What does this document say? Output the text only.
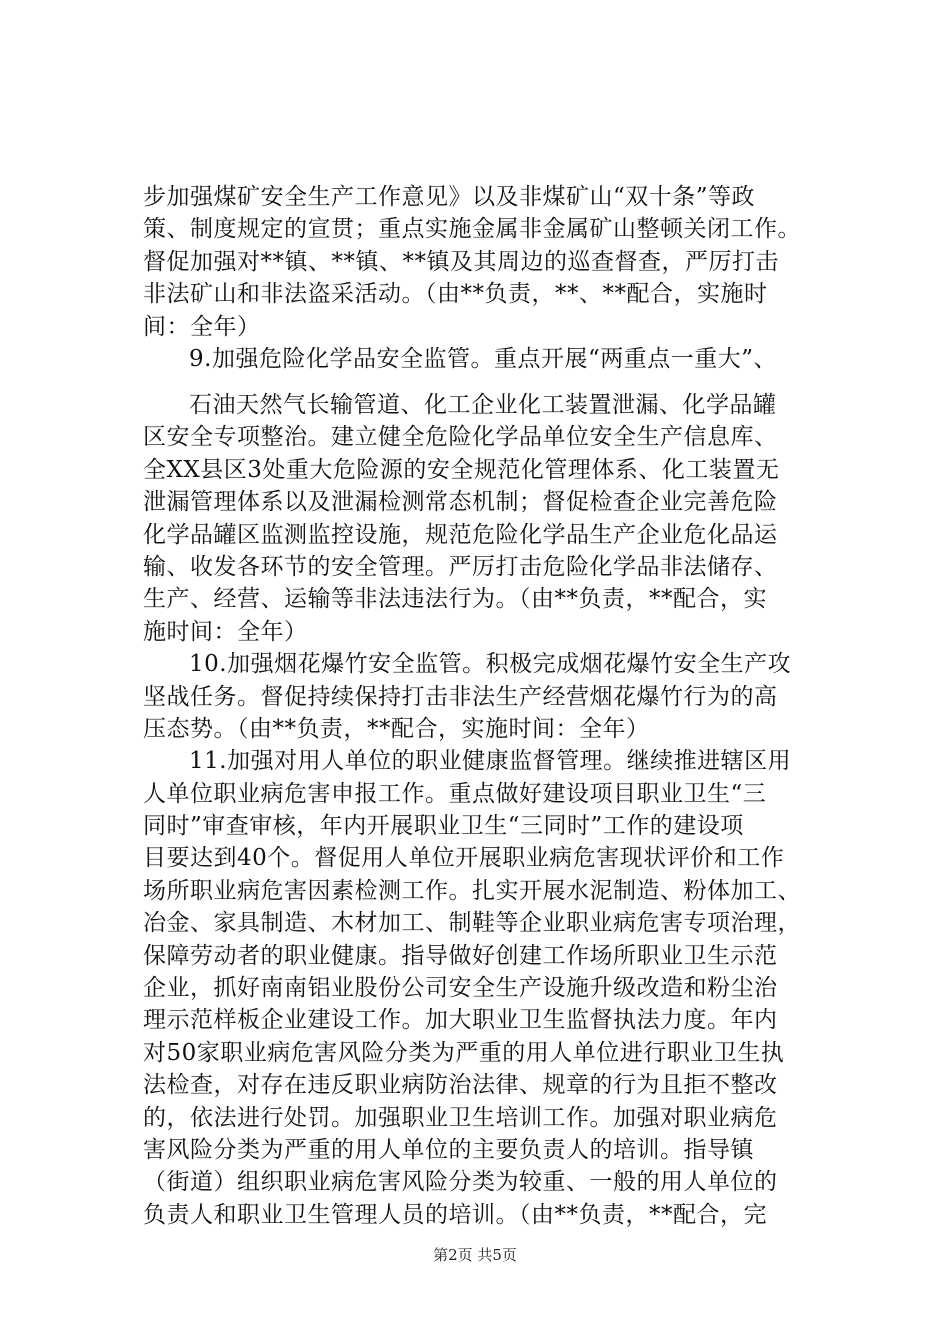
步加强煤矿安全生产工作意见》以及非煤矿山“双十条”等政
策、制度规定的宣贯；重点实施金属非金属矿山整顿关闭工作。
督促加强对**镇、**镇、**镇及其周边的巡查督查，严厉打击
非法矿山和非法盗采活动。（由**负责，**、**配合，实施时
间：全年）
9.加强危险化学品安全监管。重点开展“两重点一重大”、
石油天然气长输管道、化工企业化工装置泄漏、化学品罐
区安全专项整治。建立健全危险化学品单位安全生产信息库、
全XX县区3处重大危险源的安全规范化管理体系、化工装置无
泄漏管理体系以及泄漏检测常态机制；督促检查企业完善危险
化学品罐区监测监控设施，规范危险化学品生产企业危化品运
输、收发各环节的安全管理。严厉打击危险化学品非法储存、
生产、经营、运输等非法违法行为。（由**负责，**配合，实
施时间：全年）
10.加强烟花爆竹安全监管。积极完成烟花爆竹安全生产攻
坚战任务。督促持续保持打击非法生产经营烟花爆竹行为的高
压态势。（由**负责，**配合，实施时间：全年）
11.加强对用人单位的职业健康监督管理。继续推进辖区用
人单位职业病危害申报工作。重点做好建设项目职业卫生“三
同时”审查审核，年内开展职业卫生“三同时”工作的建设项
目要达到40个。督促用人单位开展职业病危害现状评价和工作
场所职业病危害因素检测工作。扎实开展水泥制造、粉体加工、
冶金、家具制造、木材加工、制鞋等企业职业病危害专项治理，
保障劳动者的职业健康。指导做好创建工作场所职业卫生示范
企业，抓好南南铝业股份公司安全生产设施升级改造和粉尘治
理示范样板企业建设工作。加大职业卫生监督执法力度。年内
对50家职业病危害风险分类为严重的用人单位进行职业卫生执
法检查，对存在违反职业病防治法律、规章的行为且拒不整改
的，依法进行处罚。加强职业卫生培训工作。加强对职业病危
害风险分类为严重的用人单位的主要负责人的培训。指导镇
（街道）组织职业病危害风险分类为较重、一般的用人单位的
负责人和职业卫生管理人员的培训。（由**负责，**配合，完
第2页 共5页
